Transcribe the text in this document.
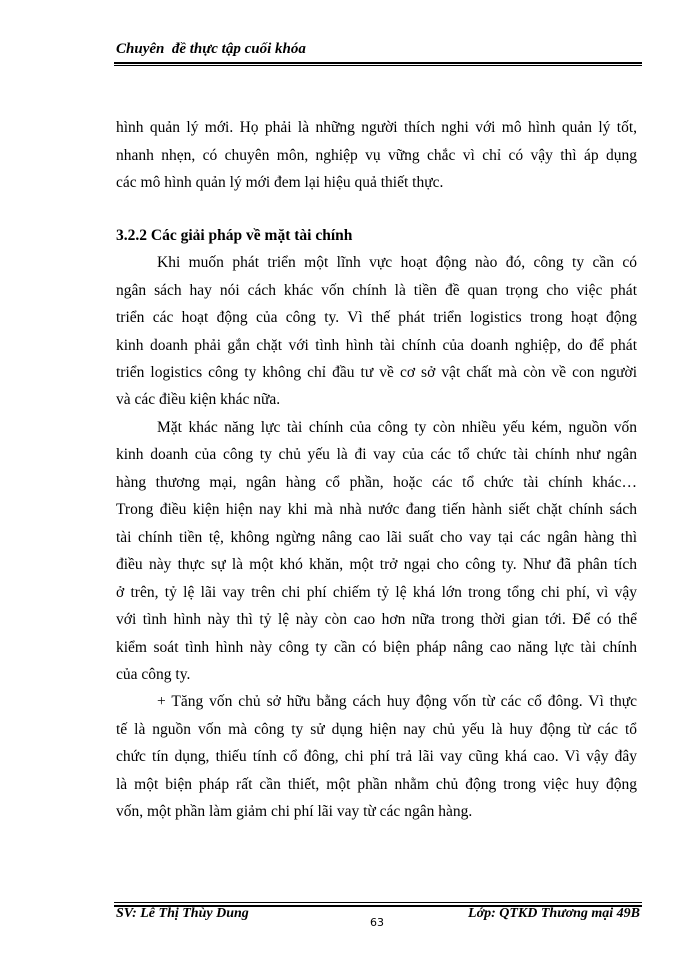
Chuyên  đề thực tập cuối khóa
hình quản lý mới. Họ phải là những người thích nghi với mô hình quản lý tốt,
nhanh nhẹn, có chuyên môn, nghiệp vụ vững chắc vì chỉ có vậy thì áp dụng
các mô hình quản lý mới đem lại hiệu quả thiết thực.
3.2.2 Các giải pháp về mặt tài chính
Khi muốn phát triển một lĩnh vực hoạt động nào đó, công ty cần có
ngân sách hay nói cách khác vốn chính là tiền đề quan trọng cho việc phát
triển các hoạt động của công ty. Vì thế phát triển logistics trong hoạt động
kinh doanh phải gắn chặt với tình hình tài chính của doanh nghiệp, do để phát
triển logistics công ty không chỉ đầu tư về cơ sở vật chất mà còn về con người
và các điều kiện khác nữa.
Mặt khác năng lực tài chính của công ty còn nhiều yếu kém, nguồn vốn
kinh doanh của công ty chủ yếu là đi vay của các tổ chức tài chính như ngân
hàng thương mại, ngân hàng cổ phần, hoặc các tổ chức tài chính khác…
Trong điều kiện hiện nay khi mà nhà nước đang tiến hành siết chặt chính sách
tài chính tiền tệ, không ngừng nâng cao lãi suất cho vay tại các ngân hàng thì
điều này thực sự là một khó khăn, một trở ngại cho công ty. Như đã phân tích
ở trên, tỷ lệ lãi vay trên chi phí chiếm tỷ lệ khá lớn trong tổng chi phí, vì vậy
với tình hình này thì tỷ lệ này còn cao hơn nữa trong thời gian tới. Để có thể
kiểm soát tình hình này công ty cần có biện pháp nâng cao năng lực tài chính
của công ty.
+ Tăng vốn chủ sở hữu bằng cách huy động vốn từ các cổ đông. Vì thực
tế là nguồn vốn mà công ty sử dụng hiện nay chủ yếu là huy động từ các tổ
chức tín dụng, thiếu tính cổ đông, chi phí trả lãi vay cũng khá cao. Vì vậy đây
là một biện pháp rất cần thiết, một phần nhằm chủ động trong việc huy động
vốn, một phần làm giảm chi phí lãi vay từ các ngân hàng.
SV: Lê Thị Thùy Dung	Lớp: QTKD Thương mại 49B
63
